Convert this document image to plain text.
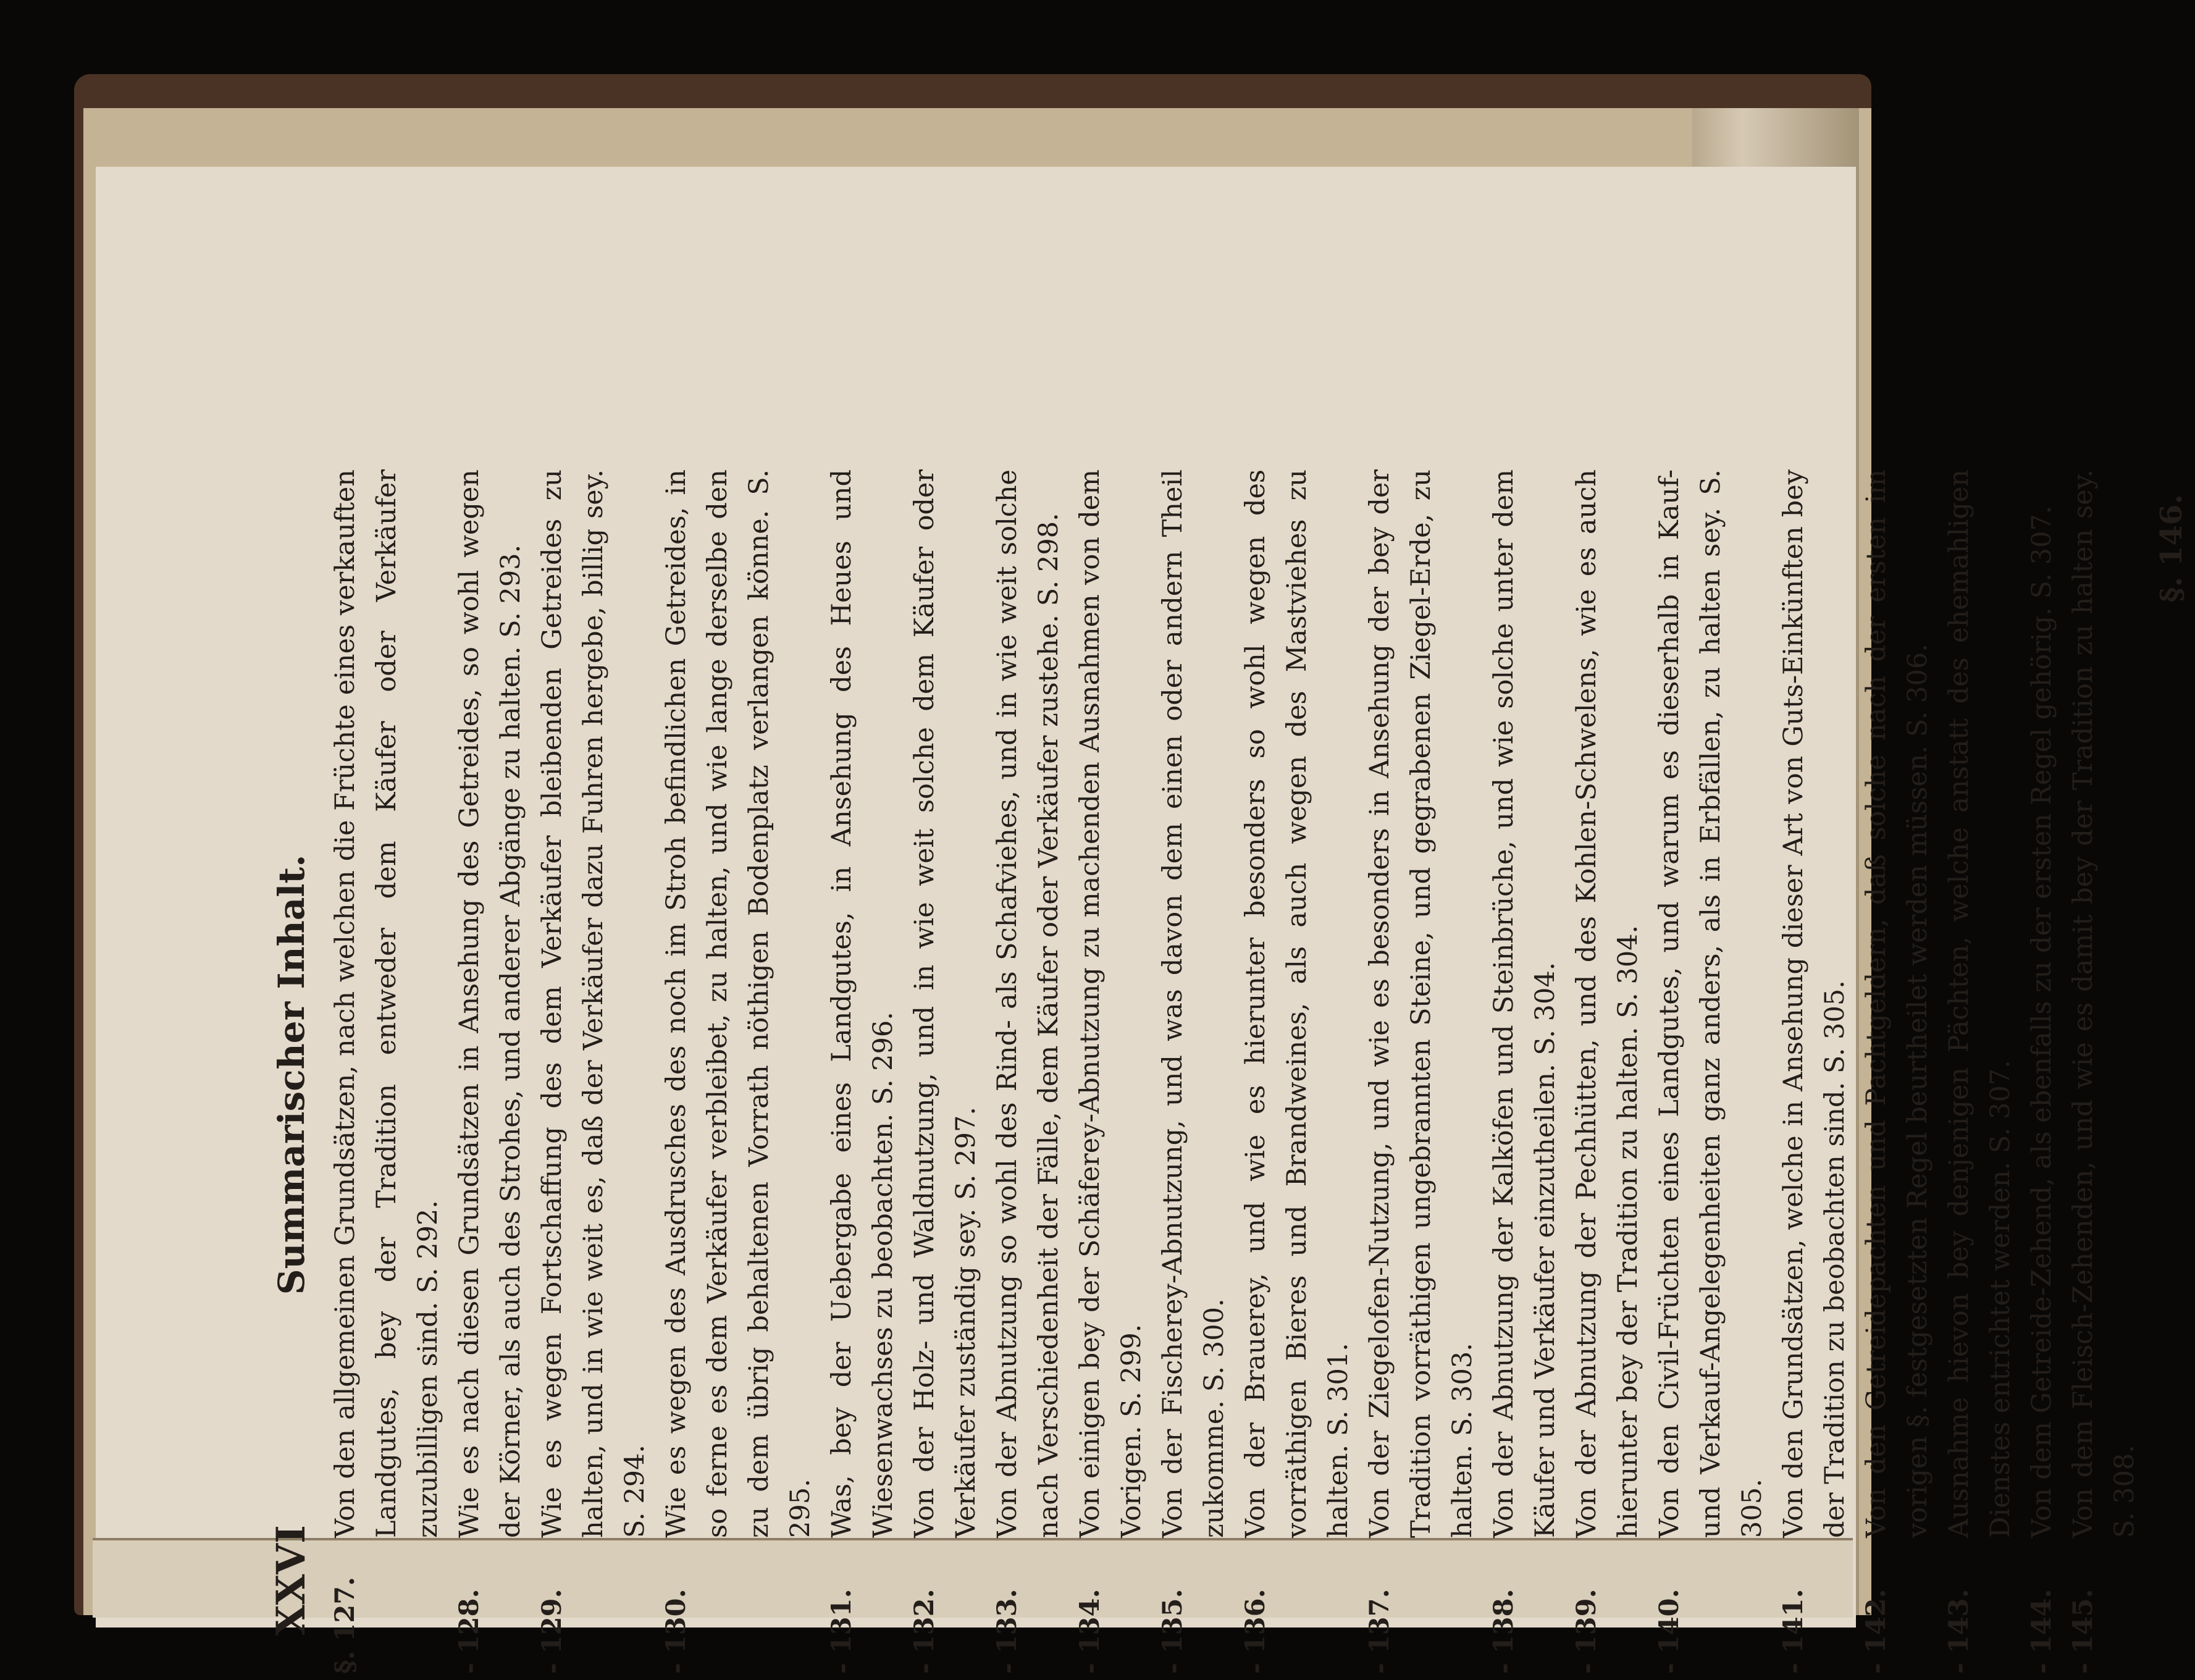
XXVI
Summarischer Inhalt.
§. 127.
Von den allgemeinen Grundsätzen, nach welchen die Früchte eines verkauften Landgutes, bey der Tradition entweder dem Käufer oder Verkäufer zuzubilligen sind. S. 292.
- 128.
Wie es nach diesen Grundsätzen in Ansehung des Getreides, so wohl wegen der Körner, als auch des Strohes, und anderer Abgänge zu halten. S. 293.
- 129.
Wie es wegen Fortschaffung des dem Verkäufer bleibenden Getreides zu halten, und in wie weit es, daß der Verkäufer dazu Fuhren hergebe, billig sey. S. 294.
- 130.
Wie es wegen des Ausdrusches des noch im Stroh befindlichen Getreides, in so ferne es dem Verkäufer verbleibet, zu halten, und wie lange derselbe den zu dem übrig behaltenen Vorrath nöthigen Bodenplatz verlangen könne. S. 295.
- 131.
Was, bey der Uebergabe eines Landgutes, in Ansehung des Heues und Wiesenwachses zu beobachten. S. 296.
- 132.
Von der Holz- und Waldnutzung, und in wie weit solche dem Käufer oder Verkäufer zuständig sey. S. 297.
- 133.
Von der Abnutzung so wohl des Rind- als Schafviehes, und in wie weit solche nach Verschiedenheit der Fälle, dem Käufer oder Verkäufer zustehe. S. 298.
- 134.
Von einigen bey der Schäferey-Abnutzung zu machenden Ausnahmen von dem Vorigen. S. 299.
- 135.
Von der Fischerey-Abnutzung, und was davon dem einen oder andern Theil zukomme. S. 300.
- 136.
Von der Brauerey, und wie es hierunter besonders so wohl wegen des vorräthigen Bieres und Brandweines, als auch wegen des Mastviehes zu halten. S. 301.
- 137.
Von der Ziegelofen-Nutzung, und wie es besonders in Ansehung der bey der Tradition vorräthigen ungebrannten Steine, und gegrabenen Ziegel-Erde, zu halten. S. 303.
- 138.
Von der Abnutzung der Kalköfen und Steinbrüche, und wie solche unter dem Käufer und Verkäufer einzutheilen. S. 304.
- 139.
Von der Abnutzung der Pechhütten, und des Kohlen-Schwelens, wie es auch hierunter bey der Tradition zu halten. S. 304.
- 140.
Von den Civil-Früchten eines Landgutes, und warum es dieserhalb in Kauf- und Verkauf-Angelegenheiten ganz anders, als in Erbfällen, zu halten sey. S. 305.
- 141.
Von den Grundsätzen, welche in Ansehung dieser Art von Guts-Einkünften bey der Tradition zu beobachten sind. S. 305.
- 142.
Von den Getreidepachten und Pachtgeldern, daß solche nach der ersten im vorigen §. festgesetzten Regel beurtheilet werden müssen. S. 306.
- 143.
Ausnahme hievon bey denjenigen Pächten, welche anstatt des ehemahligen Dienstes entrichtet werden. S. 307.
- 144.
Von dem Getreide-Zehend, als ebenfalls zu der ersten Regel gehörig. S. 307.
- 145.
Von dem Fleisch-Zehenden, und wie es damit bey der Tradition zu halten sey. S. 308.
§. 146.
